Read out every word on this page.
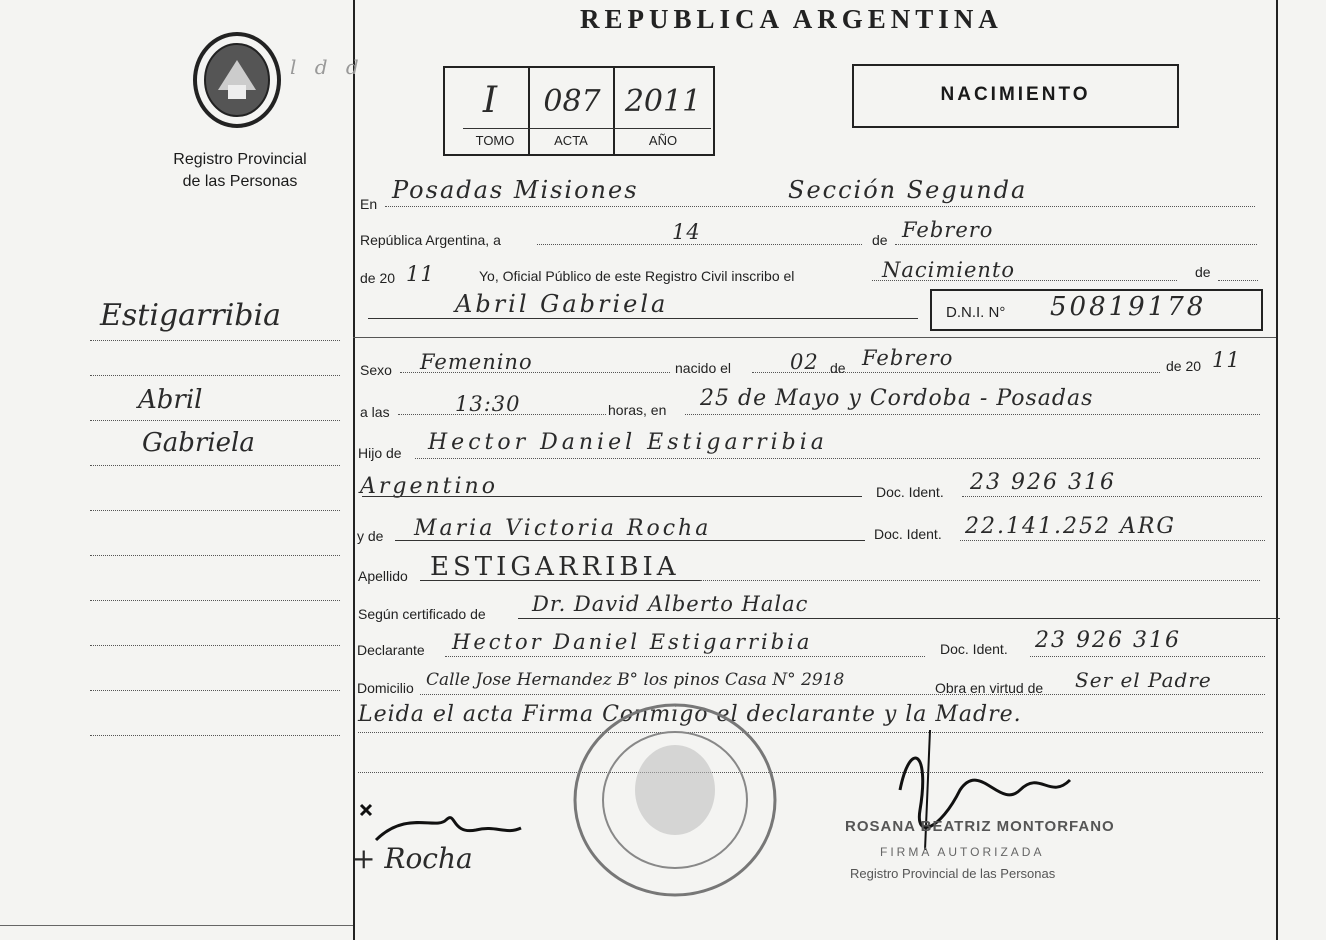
l d d
Registro Provincial
de las Personas
Estigarribia
Abril
Gabriela
REPUBLICA ARGENTINA
I	087 2011
TOMO	ACTA	AÑO
NACIMIENTO
En Posadas Misiones	Sección Segunda
República Argentina, a	14	de Febrero
de 20 11	Yo, Oficial Público de este Registro Civil inscribo el	Nacimiento	de
Abril Gabriela	D.N.I. N° 50819178
Sexo Femenino	nacido el	02 de Febrero	de 20 11
a las	13:30	horas, en 25 de Mayo y Cordoba - Posadas
Hijo de Hector Daniel Estigarribia
Argentino	Doc. Ident. 23 926 316
y de Maria Victoria Rocha	Doc. Ident. 22.141.252 ARG
Apellido ESTIGARRIBIA
Según certificado de Dr. David Alberto Halac
Declarante Hector Daniel Estigarribia	Doc. Ident. 23 926 316
Domicilio Calle Jose Hernandez B° los pinos Casa N° 2918	Obra en virtud de Ser el Padre
Leida el acta Firma Conmigo el declarante y la Madre.
+ Rocha
ROSANA BEATRIZ MONTORFANO
FIRMA AUTORIZADA
Registro Provincial de las Personas
